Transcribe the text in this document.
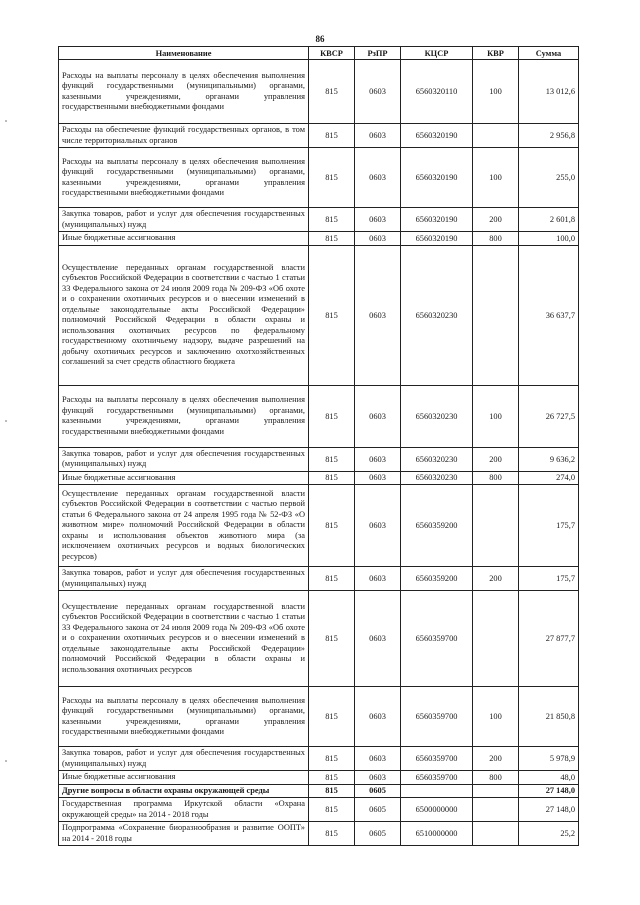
86
Наименование	КВСР	РзПР	КЦСР	КВР	Сумма
Расходы на выплаты персоналу в целях обеспечения выполнения функций государственными (муниципальными) органами, казенными учреждениями, органами управления государственными внебюджетными фондами	815	0603	6560320110	100	13 012,6
Расходы на обеспечение функций государственных органов, в том числе территориальных органов	815	0603	6560320190		2 956,8
Расходы на выплаты персоналу в целях обеспечения выполнения функций государственными (муниципальными) органами, казенными учреждениями, органами управления государственными внебюджетными фондами	815	0603	6560320190	100	255,0
Закупка товаров, работ и услуг для обеспечения государственных (муниципальных) нужд	815	0603	6560320190	200	2 601,8
Иные бюджетные ассигнования	815	0603	6560320190	800	100,0
Осуществление переданных органам государственной власти субъектов Российской Федерации в соответствии с частью 1 статьи 33 Федерального закона от 24 июля 2009 года № 209-ФЗ «Об охоте и о сохранении охотничьих ресурсов и о внесении изменений в отдельные законодательные акты Российской Федерации» полномочий Российской Федерации в области охраны и использования охотничьих ресурсов по федеральному государственному охотничьему надзору, выдаче разрешений на добычу охотничьих ресурсов и заключению охотхозяйственных соглашений за счет средств областного бюджета	815	0603	6560320230		36 637,7
Расходы на выплаты персоналу в целях обеспечения выполнения функций государственными (муниципальными) органами, казенными учреждениями, органами управления государственными внебюджетными фондами	815	0603	6560320230	100	26 727,5
Закупка товаров, работ и услуг для обеспечения государственных (муниципальных) нужд	815	0603	6560320230	200	9 636,2
Иные бюджетные ассигнования	815	0603	6560320230	800	274,0
Осуществление переданных органам государственной власти субъектов Российской Федерации в соответствии с частью первой статьи 6 Федерального закона от 24 апреля 1995 года № 52-ФЗ «О животном мире» полномочий Российской Федерации в области охраны и использования объектов животного мира (за исключением охотничьих ресурсов и водных биологических ресурсов)	815	0603	6560359200		175,7
Закупка товаров, работ и услуг для обеспечения государственных (муниципальных) нужд	815	0603	6560359200	200	175,7
Осуществление переданных органам государственной власти субъектов Российской Федерации в соответствии с частью 1 статьи 33 Федерального закона от 24 июля 2009 года № 209-ФЗ «Об охоте и о сохранении охотничьих ресурсов и о внесении изменений в отдельные законодательные акты Российской Федерации» полномочий Российской Федерации в области охраны и использования охотничьих ресурсов	815	0603	6560359700		27 877,7
Расходы на выплаты персоналу в целях обеспечения выполнения функций государственными (муниципальными) органами, казенными учреждениями, органами управления государственными внебюджетными фондами	815	0603	6560359700	100	21 850,8
Закупка товаров, работ и услуг для обеспечения государственных (муниципальных) нужд	815	0603	6560359700	200	5 978,9
Иные бюджетные ассигнования	815	0603	6560359700	800	48,0
Другие вопросы в области охраны окружающей среды	815	0605			27 148,0
Государственная программа Иркутской области «Охрана окружающей среды» на 2014 - 2018 годы	815	0605	6500000000		27 148,0
Подпрограмма «Сохранение биоразнообразия и развитие ООПТ» на 2014 - 2018 годы	815	0605	6510000000		25,2
